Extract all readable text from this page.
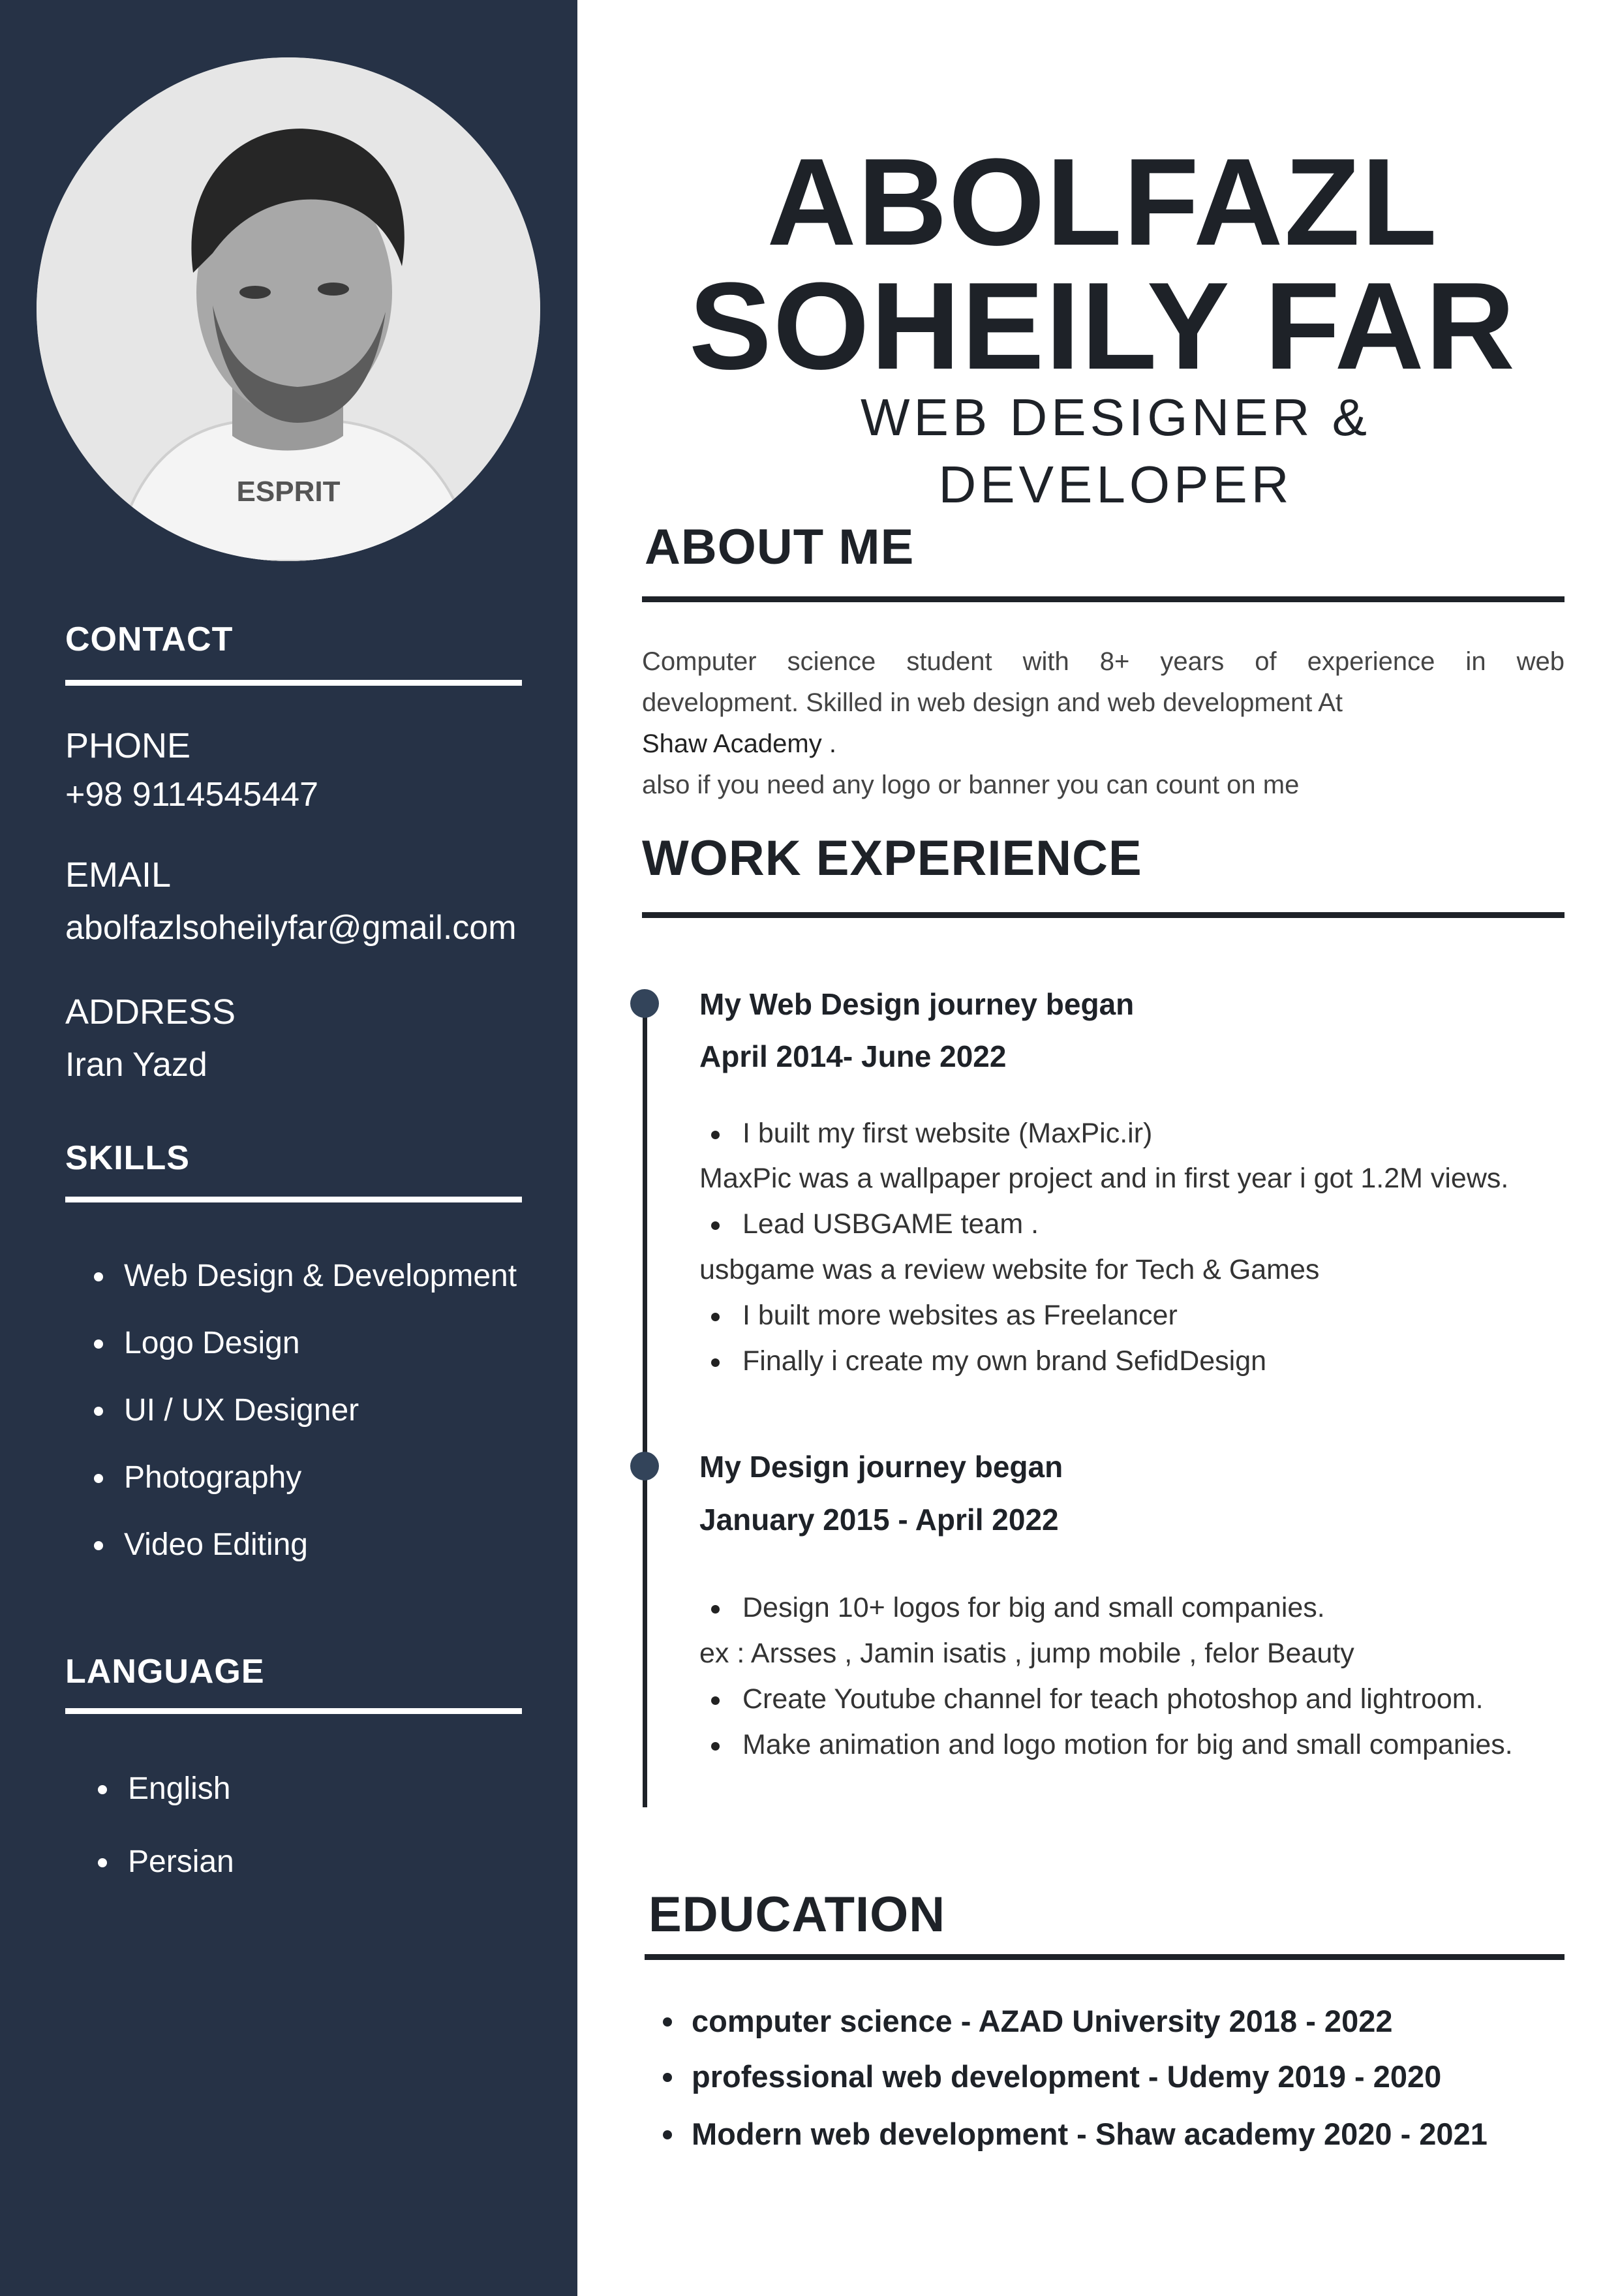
ESPRIT
CONTACT
PHONE
+98 9114545447
EMAIL
abolfazlsoheilyfar@gmail.com
ADDRESS
Iran Yazd
SKILLS
Web Design & Development
Logo Design
UI / UX Designer
Photography
Video Editing
LANGUAGE
English
Persian
ABOLFAZL
SOHEILY FAR
WEB DESIGNER &
DEVELOPER
ABOUT ME
Computer science student with 8+ years of experience in web
development. Skilled in web design and web development At
Shaw Academy .
also if you need any logo or banner you can count on me
WORK EXPERIENCE
My Web Design journey began
April 2014- June 2022
I built my first website (MaxPic.ir)
MaxPic was a wallpaper project and in first year i got 1.2M views.
Lead USBGAME team .
usbgame was a review website for Tech & Games
I built more websites as Freelancer
Finally i create my own brand SefidDesign
My Design journey began
January 2015 - April 2022
Design 10+ logos for big and small companies.
ex : Arsses , Jamin isatis , jump mobile , felor Beauty
Create Youtube channel for teach photoshop and lightroom.
Make animation and logo motion for big and small companies.
EDUCATION
computer science - AZAD University 2018 - 2022
professional web development - Udemy 2019 - 2020
Modern web development - Shaw academy 2020 - 2021
